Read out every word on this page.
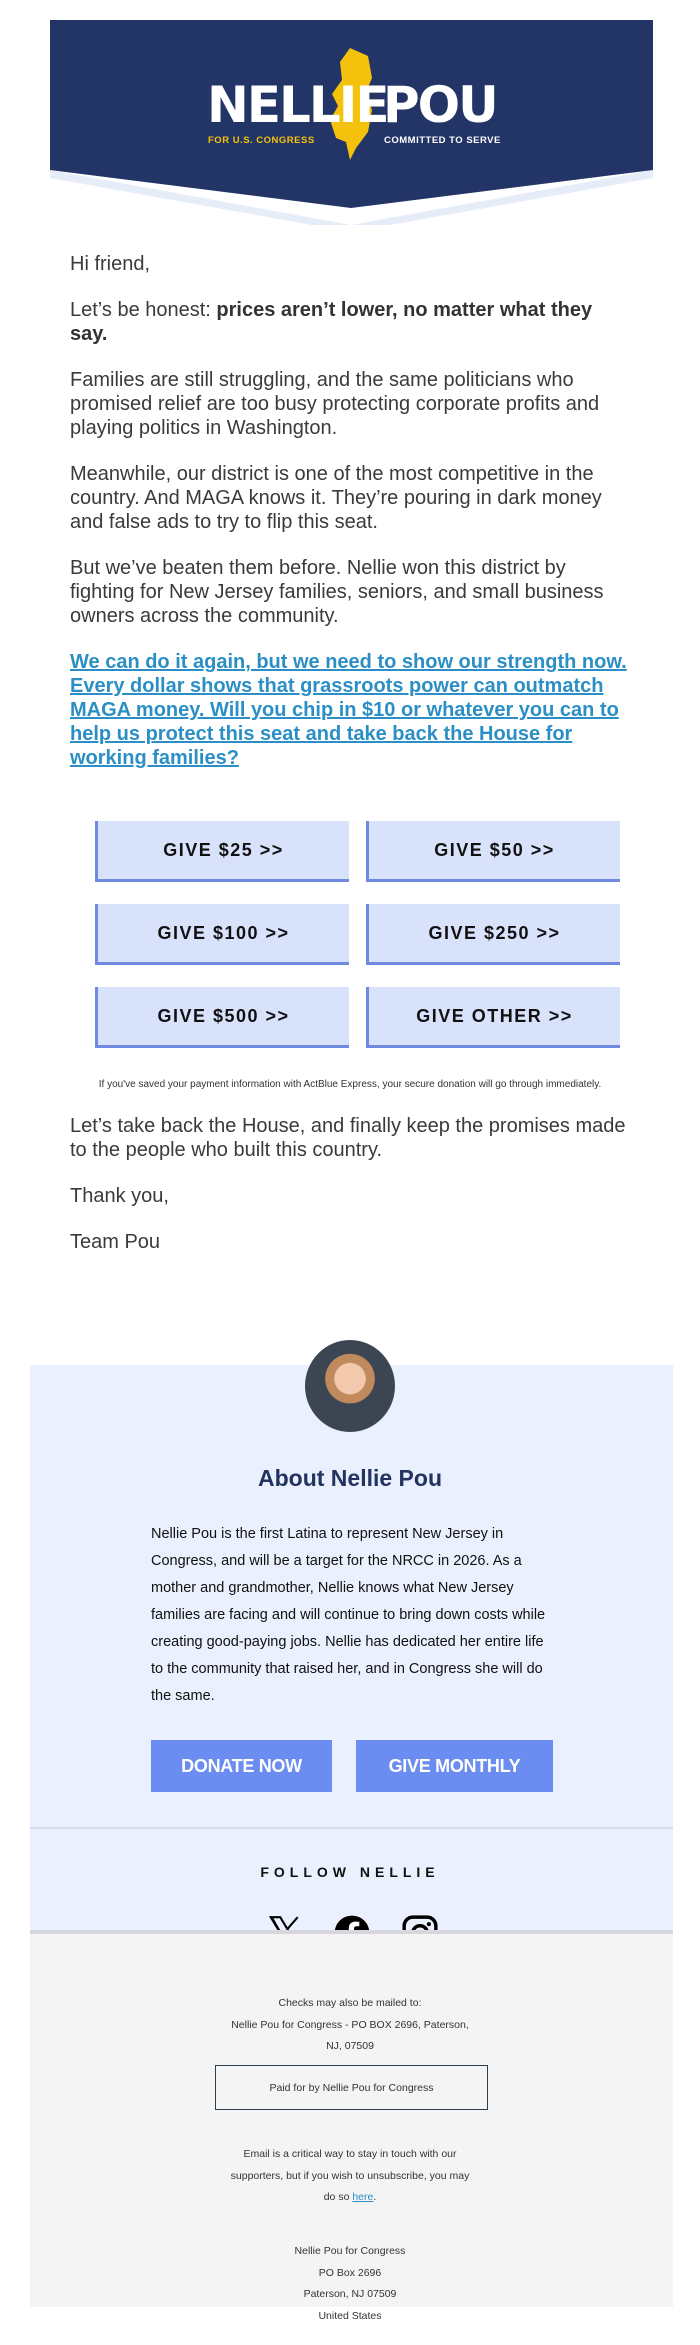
NELLIE
POU
FOR U.S. CONGRESS	COMMITTED TO SERVE

Hi friend,

Let’s be honest: prices aren’t lower, no matter what they say.

Families are still struggling, and the same politicians who promised relief are too busy protecting corporate profits and playing politics in Washington.

Meanwhile, our district is one of the most competitive in the country. And MAGA knows it. They’re pouring in dark money and false ads to try to flip this seat.

But we’ve beaten them before. Nellie won this district by fighting for New Jersey families, seniors, and small business owners across the community.

We can do it again, but we need to show our strength now. Every dollar shows that grassroots power can outmatch MAGA money. Will you chip in $10 or whatever you can to help us protect this seat and take back the House for working families?

GIVE $25 >>	GIVE $50 >>
GIVE $100 >>	GIVE $250 >>
GIVE $500 >>	GIVE OTHER >>
If you've saved your payment information with ActBlue Express, your secure donation will go through immediately.

Let’s take back the House, and finally keep the promises made to the people who built this country.

Thank you,

Team Pou

About Nellie Pou
Nellie Pou is the first Latina to represent New Jersey in Congress, and will be a target for the NRCC in 2026. As a mother and grandmother, Nellie knows what New Jersey families are facing and will continue to bring down costs while creating good-paying jobs. Nellie has dedicated her entire life to the community that raised her, and in Congress she will do the same.
DONATE NOW	GIVE MONTHLY
FOLLOW NELLIE
Checks may also be mailed to:
Nellie Pou for Congress - PO BOX 2696, Paterson, NJ, 07509
Paid for by Nellie Pou for Congress
Email is a critical way to stay in touch with our supporters, but if you wish to unsubscribe, you may do so here.
Nellie Pou for Congress
PO Box 2696
Paterson, NJ 07509
United States
